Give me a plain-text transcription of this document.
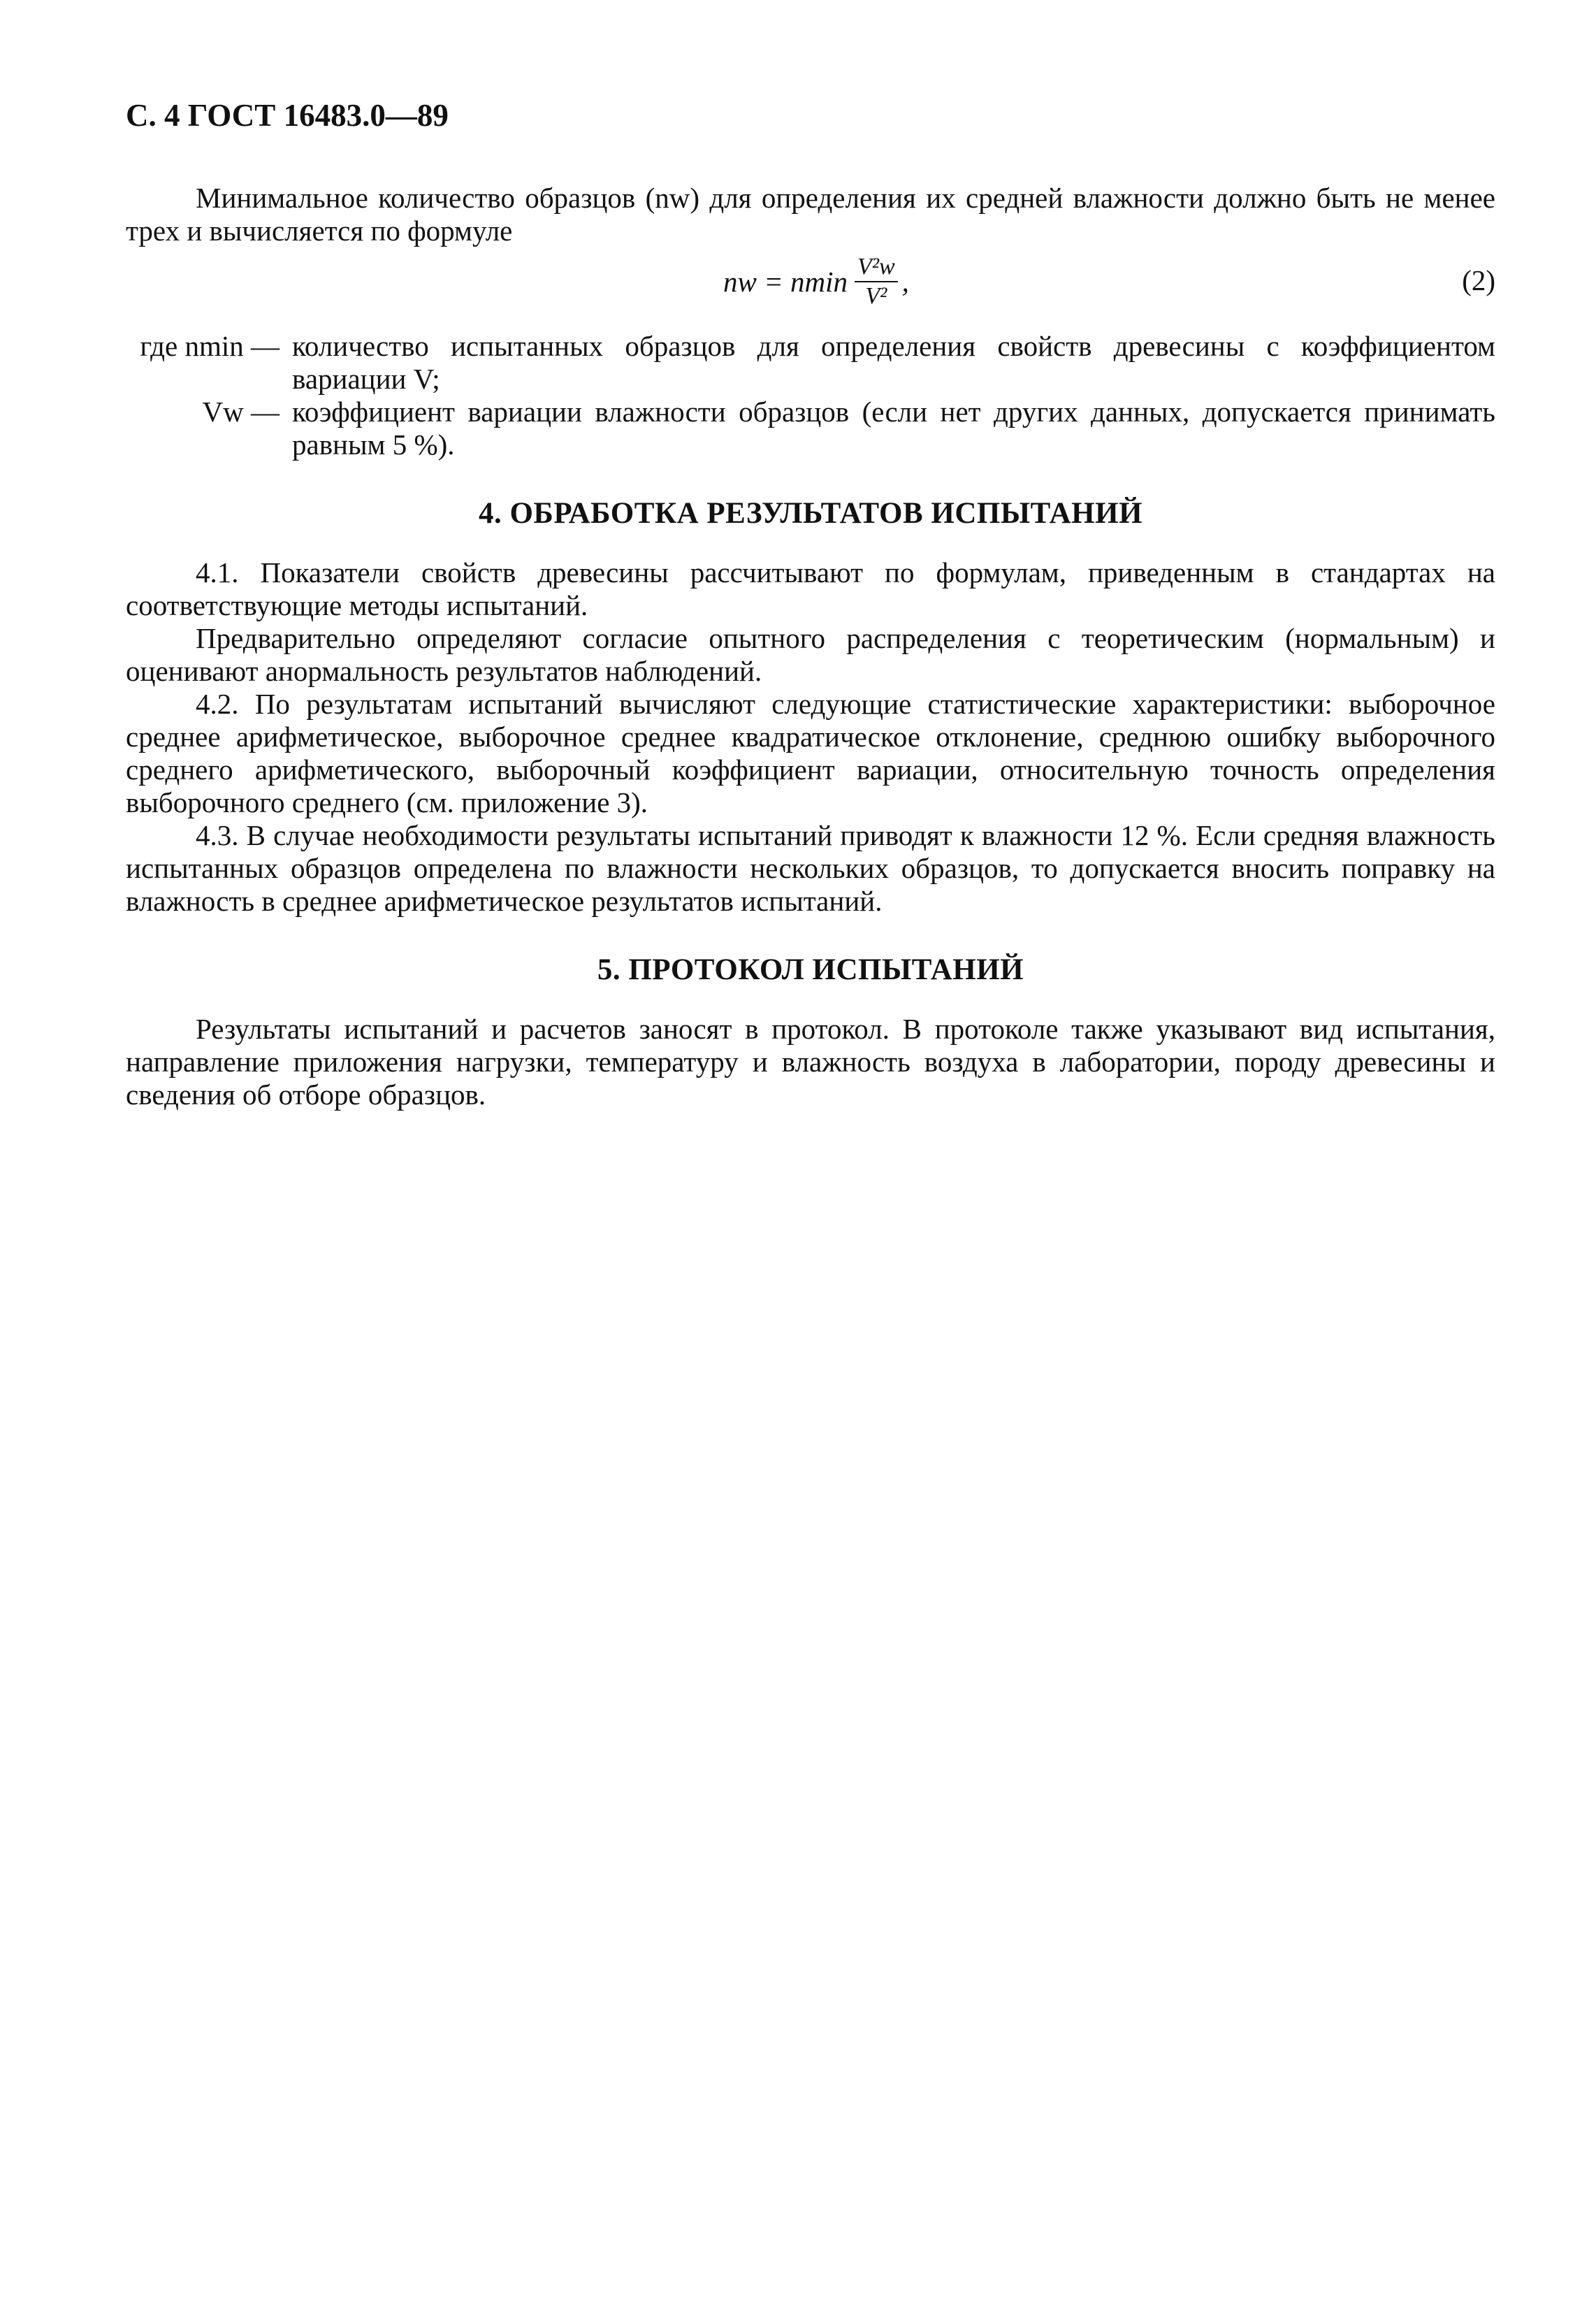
С. 4 ГОСТ 16483.0—89

Минимальное количество образцов (nw) для определения их средней влажности должно быть не менее трех и вычисляется по формуле

nw = nmin $\frac{\text{V²w}}{\text{V²}}$ ,	(2)
где nmin — количество испытанных образцов для определения свойств древесины с коэффициентом вариации V;
Vw — коэффициент вариации влажности образцов (если нет других данных, допускается принимать равным 5 %).
4. ОБРАБОТКА РЕЗУЛЬТАТОВ ИСПЫТАНИЙ

4.1. Показатели свойств древесины рассчитывают по формулам, приведенным в стандартах на соответствующие методы испытаний.

Предварительно определяют согласие опытного распределения с теоретическим (нормальным) и оценивают анормальность результатов наблюдений.

4.2. По результатам испытаний вычисляют следующие статистические характеристики: выборочное среднее арифметическое, выборочное среднее квадратическое отклонение, среднюю ошибку выборочного среднего арифметического, выборочный коэффициент вариации, относительную точность определения выборочного среднего (см. приложение 3).

4.3. В случае необходимости результаты испытаний приводят к влажности 12 %. Если средняя влажность испытанных образцов определена по влажности нескольких образцов, то допускается вносить поправку на влажность в среднее арифметическое результатов испытаний.

5. ПРОТОКОЛ ИСПЫТАНИЙ

Результаты испытаний и расчетов заносят в протокол. В протоколе также указывают вид испытания, направление приложения нагрузки, температуру и влажность воздуха в лаборатории, породу древесины и сведения об отборе образцов.
